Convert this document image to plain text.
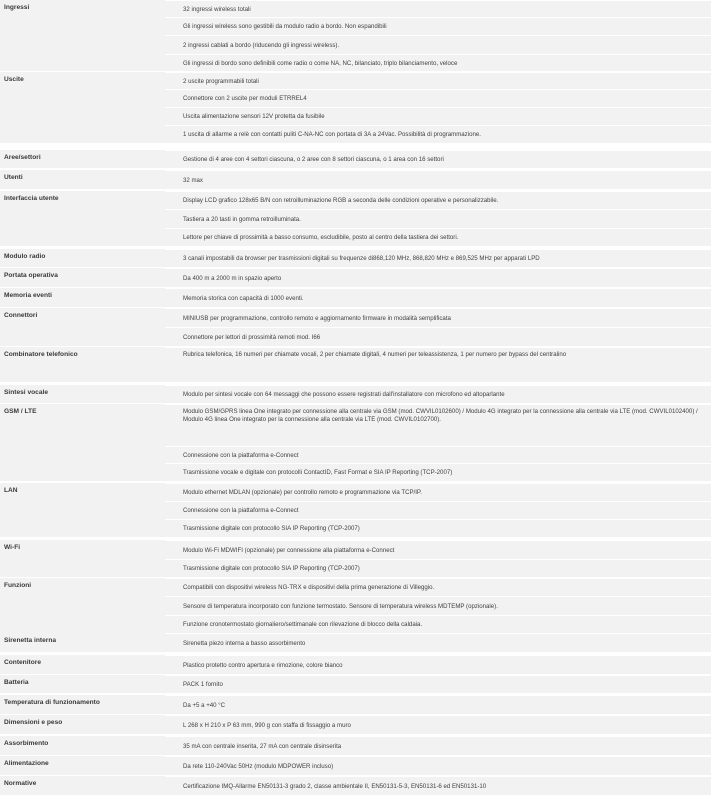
Ingressi	32 ingressi wireless totali
Gli ingressi wireless sono gestibili da modulo radio a bordo. Non espandibili
2 ingressi cablati a bordo (riducendo gli ingressi wireless).
Gli ingressi di bordo sono definibili come radio o come NA, NC, bilanciato, triplo bilanciamento, veloce
Uscite	2 uscite programmabili totali
Connettore con 2 uscite per moduli ETRREL4
Uscita alimentazione sensori 12V protetta da fusibile
1 uscita di allarme a relè con contatti puliti C-NA-NC con portata di 3A a 24Vac. Possibilità di programmazione.
Aree/settori	Gestione di 4 aree con 4 settori ciascuna, o 2 aree con 8 settori ciascuna, o 1 area con 16 settori
Utenti	32 max
Interfaccia utente	Display LCD grafico 128x65 B/N con retroilluminazione RGB a seconda delle condizioni operative e personalizzabile.
Tastiera a 20 tasti in gomma retroilluminata.
Lettore per chiave di prossimità a basso consumo, escludibile, posto al centro della tastiera dei settori.
Modulo radio	3 canali impostabili da browser per trasmissioni digitali su frequenze di868,120 MHz, 868,820 MHz e 869,525 MHz per apparati LPD
Portata operativa	Da 400 m a 2000 m in spazio aperto
Memoria eventi	Memoria storica con capacità di 1000 eventi.
Connettori	MINIUSB per programmazione, controllo remoto e aggiornamento firmware in modalità semplificata
Connettore per lettori di prossimità remoti mod. I66
Combinatore telefonico	Rubrica telefonica, 16 numeri per chiamate vocali, 2 per chiamate digitali, 4 numeri per teleassistenza, 1 per numero per bypass del centralino
Sintesi vocale	Modulo per sintesi vocale con 64 messaggi che possono essere registrati dall'installatore con microfono ed altoparlante
GSM / LTE	Modulo GSM/GPRS linea One integrato per connessione alla centrale via GSM (mod. CWVIL0102600) / Modulo 4G integrato per la connessione alla centrale via LTE (mod. CWVIL0102400) / Modulo 4G linea One integrato per la connessione alla centrale via LTE (mod. CWVIL0102700).
Connessione con la piattaforma e-Connect
Trasmissione vocale e digitale con protocolli ContactID, Fast Format e SIA IP Reporting (TCP-2007)
LAN	Modulo ethernet MDLAN (opzionale) per controllo remoto e programmazione via TCP/IP.
Connessione con la piattaforma e-Connect
Trasmissione digitale con protocollo SIA IP Reporting (TCP-2007)
Wi-Fi	Modulo Wi-Fi MDWIFI (opzionale) per connessione alla piattaforma e-Connect
Trasmissione digitale con protocollo SIA IP Reporting (TCP-2007)
Funzioni	Compatibili con dispositivi wireless NG-TRX e dispositivi della prima generazione di Villeggio.
Sensore di temperatura incorporato con funzione termostato. Sensore di temperatura wireless MDTEMP (opzionale).
Funzione cronotermostato giornaliero/settimanale con rilevazione di blocco della caldaia.
Sirenetta interna	Sirenetta piezo interna a basso assorbimento
Contenitore	Plastico protetto contro apertura e rimozione, colore bianco
Batteria	PACK 1 fornito
Temperatura di funzionamento	Da +5 a +40 °C
Dimensioni e peso	L 268 x H 210 x P 63 mm, 990 g con staffa di fissaggio a muro
Assorbimento	35 mA con centrale inserita, 27 mA con centrale disinserita
Alimentazione	Da rete 110-240Vac 50Hz (modulo MDPOWER incluso)
Normative	Certificazione IMQ-Allarme EN50131-3 grado 2, classe ambientale II, EN50131-5-3, EN50131-6 ed EN50131-10
